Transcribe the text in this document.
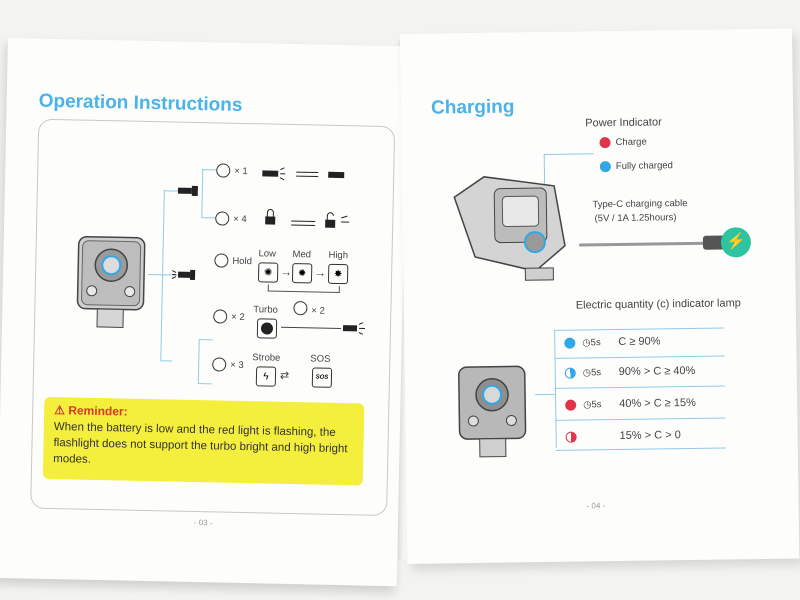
Operation Instructions
× 1
× 4
Hold
× 2
× 3
Low Med High
✺	✹	✸
→ →
Turbo	× 2
Strobe	SOS
ϟ	⇄	SOS
⚠ Reminder:
When the battery is low and the red light is flashing, the flashlight does not support the turbo bright and high bright modes.
- 03 -
Charging
Power Indicator
Charge
Fully charged
Type-C charging cable
(5V / 1A 1.25hours)
⚡
Electric quantity (c) indicator lamp
◷5s C ≥ 90%
◷5s 90% > C ≥ 40%
◷5s 40% > C ≥ 15%
15% > C > 0
- 04 -
